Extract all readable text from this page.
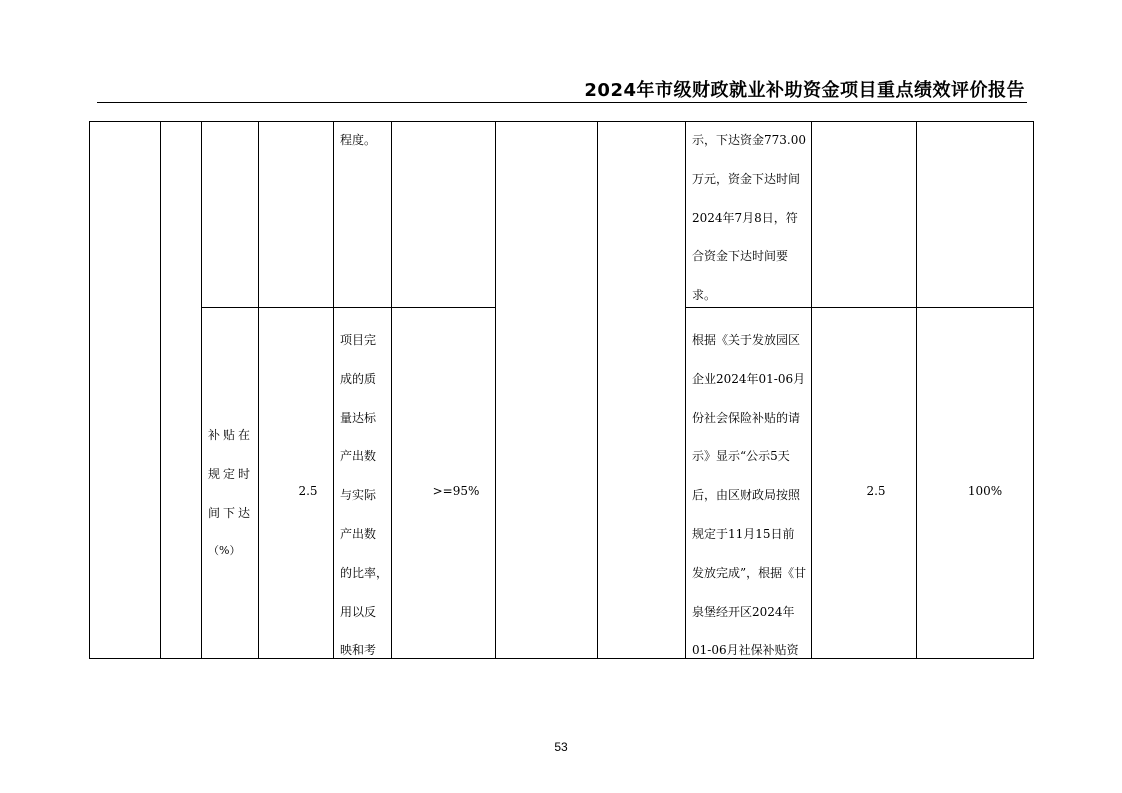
2024年市级财政就业补助资金项目重点绩效评价报告
程度。	示，下达资金773.00
万元，资金下达时间
2024年7月8日，符
合资金下达时间要
求。
补贴在
规定时
间下达
（%）
2.5
项目完
成的质
量达标
产出数
与实际
产出数
的比率，
用以反
映和考
>=95%
根据《关于发放园区
企业2024年01-06月
份社会保险补贴的请
示》显示“公示5天
后，由区财政局按照
规定于11月15日前
发放完成”，根据《甘
泉堡经开区2024年
01-06月社保补贴资
2.5	100%
53
